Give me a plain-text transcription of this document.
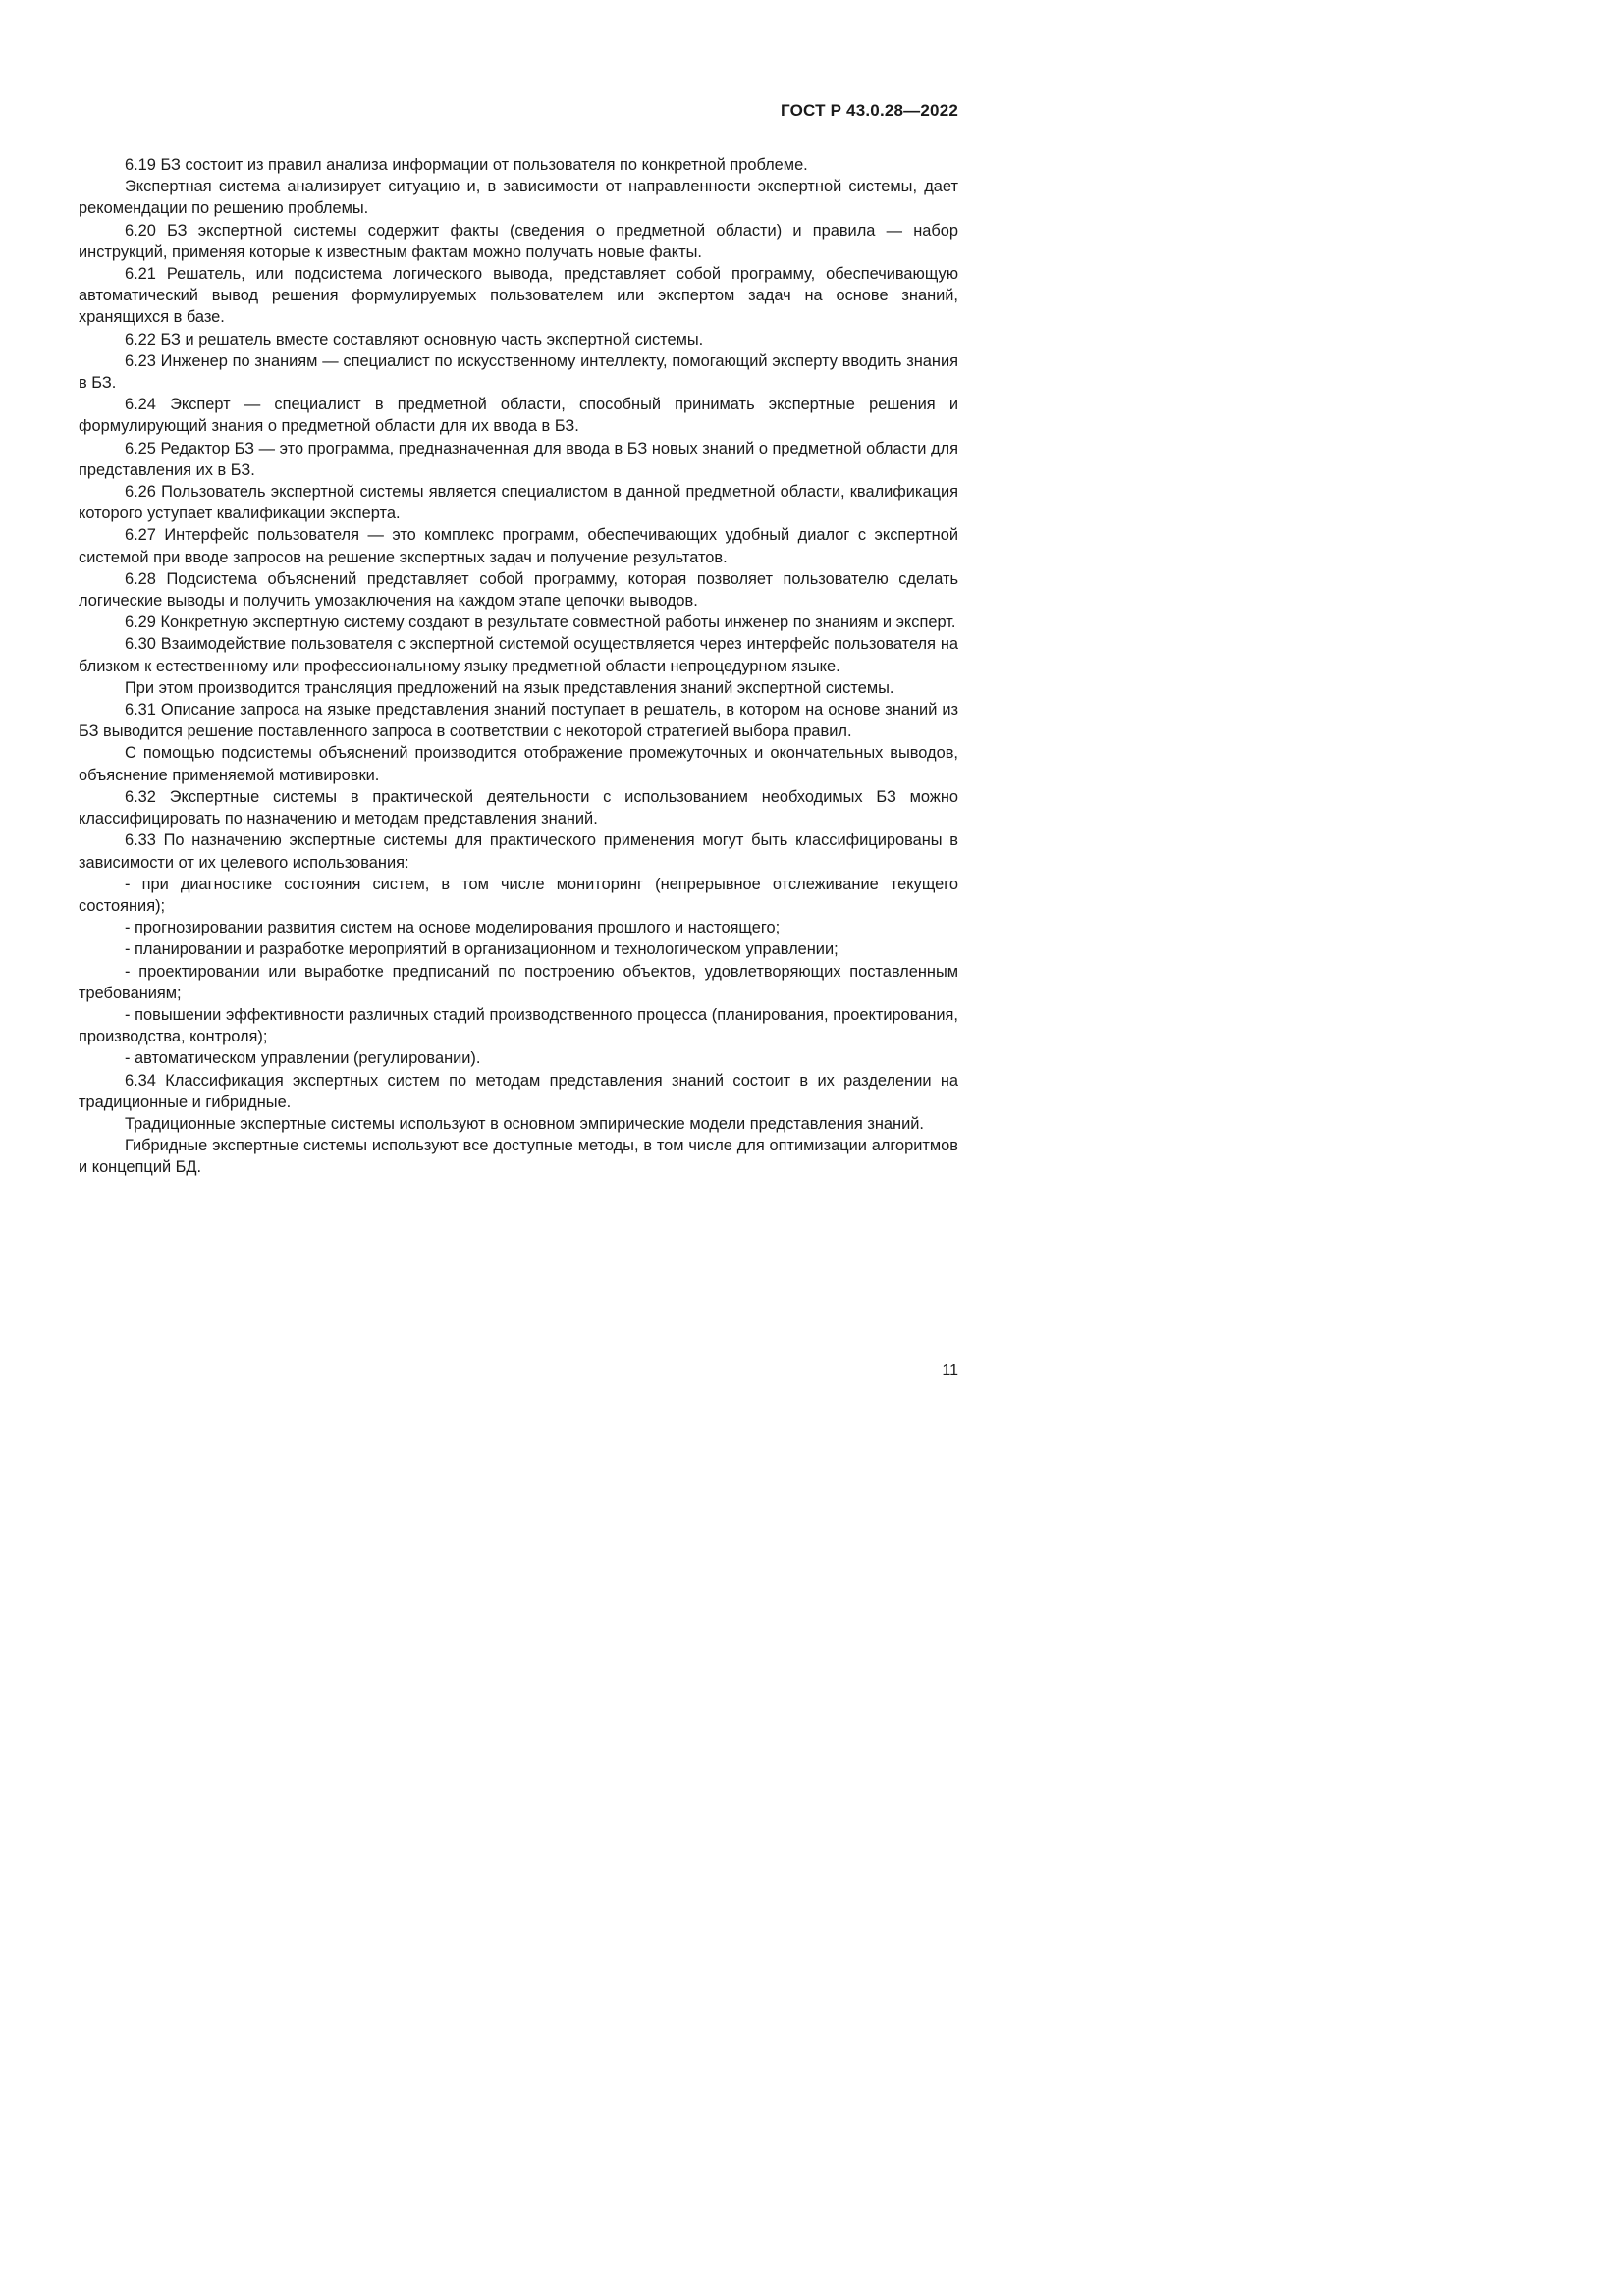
ГОСТ Р 43.0.28—2022

6.19 БЗ состоит из правил анализа информации от пользователя по конкретной проблеме.

Экспертная система анализирует ситуацию и, в зависимости от направленности экспертной системы, дает рекомендации по решению проблемы.

6.20 БЗ экспертной системы содержит факты (сведения о предметной области) и правила — набор инструкций, применяя которые к известным фактам можно получать новые факты.

6.21 Решатель, или подсистема логического вывода, представляет собой программу, обеспечивающую автоматический вывод решения формулируемых пользователем или экспертом задач на основе знаний, хранящихся в базе.

6.22 БЗ и решатель вместе составляют основную часть экспертной системы.

6.23 Инженер по знаниям — специалист по искусственному интеллекту, помогающий эксперту вводить знания в БЗ.

6.24 Эксперт — специалист в предметной области, способный принимать экспертные решения и формулирующий знания о предметной области для их ввода в БЗ.

6.25 Редактор БЗ — это программа, предназначенная для ввода в БЗ новых знаний о предметной области для представления их в БЗ.

6.26 Пользователь экспертной системы является специалистом в данной предметной области, квалификация которого уступает квалификации эксперта.

6.27 Интерфейс пользователя — это комплекс программ, обеспечивающих удобный диалог с экспертной системой при вводе запросов на решение экспертных задач и получение результатов.

6.28 Подсистема объяснений представляет собой программу, которая позволяет пользователю сделать логические выводы и получить умозаключения на каждом этапе цепочки выводов.

6.29 Конкретную экспертную систему создают в результате совместной работы инженер по знаниям и эксперт.

6.30 Взаимодействие пользователя с экспертной системой осуществляется через интерфейс пользователя на близком к естественному или профессиональному языку предметной области непроцедурном языке.

При этом производится трансляция предложений на язык представления знаний экспертной системы.

6.31 Описание запроса на языке представления знаний поступает в решатель, в котором на основе знаний из БЗ выводится решение поставленного запроса в соответствии с некоторой стратегией выбора правил.

С помощью подсистемы объяснений производится отображение промежуточных и окончательных выводов, объяснение применяемой мотивировки.

6.32 Экспертные системы в практической деятельности с использованием необходимых БЗ можно классифицировать по назначению и методам представления знаний.

6.33 По назначению экспертные системы для практического применения могут быть классифицированы в зависимости от их целевого использования:

- при диагностике состояния систем, в том числе мониторинг (непрерывное отслеживание текущего состояния);

- прогнозировании развития систем на основе моделирования прошлого и настоящего;

- планировании и разработке мероприятий в организационном и технологическом управлении;

- проектировании или выработке предписаний по построению объектов, удовлетворяющих поставленным требованиям;

- повышении эффективности различных стадий производственного процесса (планирования, проектирования, производства, контроля);

- автоматическом управлении (регулировании).

6.34 Классификация экспертных систем по методам представления знаний состоит в их разделении на традиционные и гибридные.

Традиционные экспертные системы используют в основном эмпирические модели представления знаний.

Гибридные экспертные системы используют все доступные методы, в том числе для оптимизации алгоритмов и концепций БД.

11
